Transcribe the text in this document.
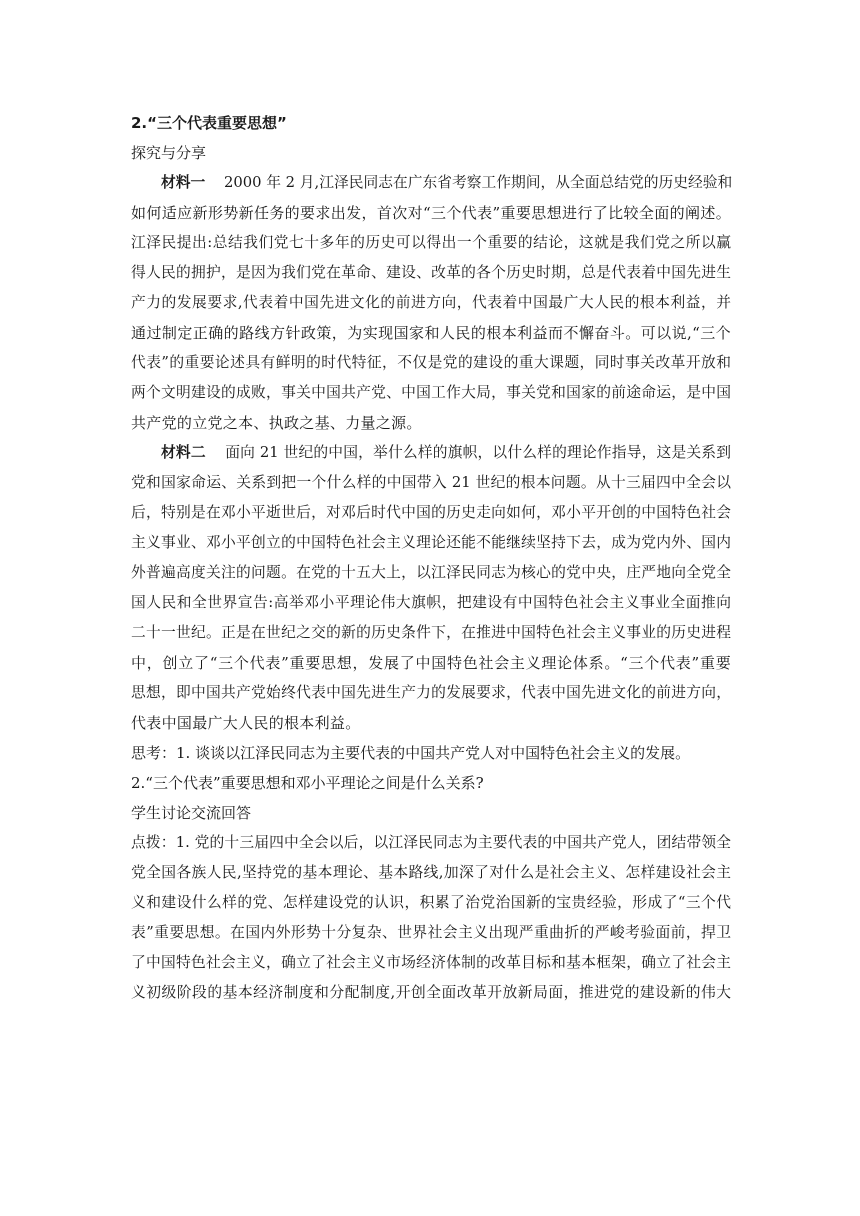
2.“三个代表重要思想”

探究与分享

材料一 2000 年 2 月,江泽民同志在广东省考察工作期间，从全面总结党的历史经验和

如何适应新形势新任务的要求出发，首次对“三个代表”重要思想进行了比较全面的阐述。

江泽民提出:总结我们党七十多年的历史可以得出一个重要的结论，这就是我们党之所以赢

得人民的拥护，是因为我们党在革命、建设、改革的各个历史时期，总是代表着中国先进生

产力的发展要求,代表着中国先进文化的前进方向，代表着中国最广大人民的根本利益，并

通过制定正确的路线方针政策，为实现国家和人民的根本利益而不懈奋斗。可以说,“三个

代表”的重要论述具有鲜明的时代特征，不仅是党的建设的重大课题，同时事关改革开放和

两个文明建设的成败，事关中国共产党、中国工作大局，事关党和国家的前途命运，是中国

共产党的立党之本、执政之基、力量之源。

材料二 面向 21 世纪的中国，举什么样的旗帜，以什么样的理论作指导，这是关系到

党和国家命运、关系到把一个什么样的中国带入 21 世纪的根本问题。从十三届四中全会以

后，特别是在邓小平逝世后，对邓后时代中国的历史走向如何，邓小平开创的中国特色社会

主义事业、邓小平创立的中国特色社会主义理论还能不能继续坚持下去，成为党内外、国内

外普遍高度关注的问题。在党的十五大上，以江泽民同志为核心的党中央，庄严地向全党全

国人民和全世界宣告:高举邓小平理论伟大旗帜，把建设有中国特色社会主义事业全面推向

二十一世纪。正是在世纪之交的新的历史条件下，在推进中国特色社会主义事业的历史进程

中，创立了“三个代表”重要思想，发展了中国特色社会主义理论体系。“三个代表”重要

思想，即中国共产党始终代表中国先进生产力的发展要求，代表中国先进文化的前进方向，

代表中国最广大人民的根本利益。

思考：1. 谈谈以江泽民同志为主要代表的中国共产党人对中国特色社会主义的发展。

2.“三个代表”重要思想和邓小平理论之间是什么关系?

学生讨论交流回答

点拨：1. 党的十三届四中全会以后，以江泽民同志为主要代表的中国共产党人，团结带领全

党全国各族人民,坚持党的基本理论、基本路线,加深了对什么是社会主义、怎样建设社会主

义和建设什么样的党、怎样建设党的认识，积累了治党治国新的宝贵经验，形成了“三个代

表”重要思想。在国内外形势十分复杂、世界社会主义出现严重曲折的严峻考验面前，捍卫

了中国特色社会主义，确立了社会主义市场经济体制的改革目标和基本框架，确立了社会主

义初级阶段的基本经济制度和分配制度,开创全面改革开放新局面，推进党的建设新的伟大
